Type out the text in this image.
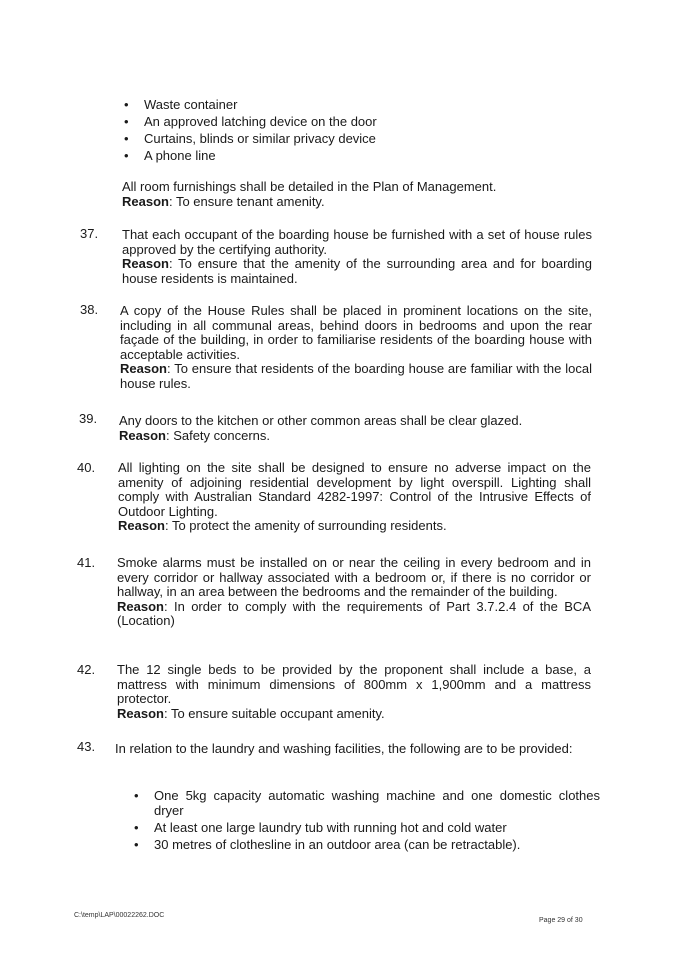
• Waste container
• An approved latching device on the door
• Curtains, blinds or similar privacy device
• A phone line

All room furnishings shall be detailed in the Plan of Management.

Reason: To ensure tenant amenity.

37. That each occupant of the boarding house be furnished with a set of house rules approved by the certifying authority.

Reason: To ensure that the amenity of the surrounding area and for boarding house residents is maintained.

38. A copy of the House Rules shall be placed in prominent locations on the site, including in all communal areas, behind doors in bedrooms and upon the rear façade of the building, in order to familiarise residents of the boarding house with acceptable activities.

Reason: To ensure that residents of the boarding house are familiar with the local house rules.

39. Any doors to the kitchen or other common areas shall be clear glazed.

Reason: Safety concerns.

40. All lighting on the site shall be designed to ensure no adverse impact on the amenity of adjoining residential development by light overspill. Lighting shall comply with Australian Standard 4282-1997: Control of the Intrusive Effects of Outdoor Lighting.

Reason: To protect the amenity of surrounding residents.

41. Smoke alarms must be installed on or near the ceiling in every bedroom and in every corridor or hallway associated with a bedroom or, if there is no corridor or hallway, in an area between the bedrooms and the remainder of the building.

Reason: In order to comply with the requirements of Part 3.7.2.4 of the BCA (Location)

42. The 12 single beds to be provided by the proponent shall include a base, a mattress with minimum dimensions of 800mm x 1,900mm and a mattress protector.

Reason: To ensure suitable occupant amenity.

43. In relation to the laundry and washing facilities, the following are to be provided:

• One 5kg capacity automatic washing machine and one domestic clothes dryer
• At least one large laundry tub with running hot and cold water
• 30 metres of clothesline in an outdoor area (can be retractable).
C:\temp\LAP\00022262.DOC
Page 29 of 30
